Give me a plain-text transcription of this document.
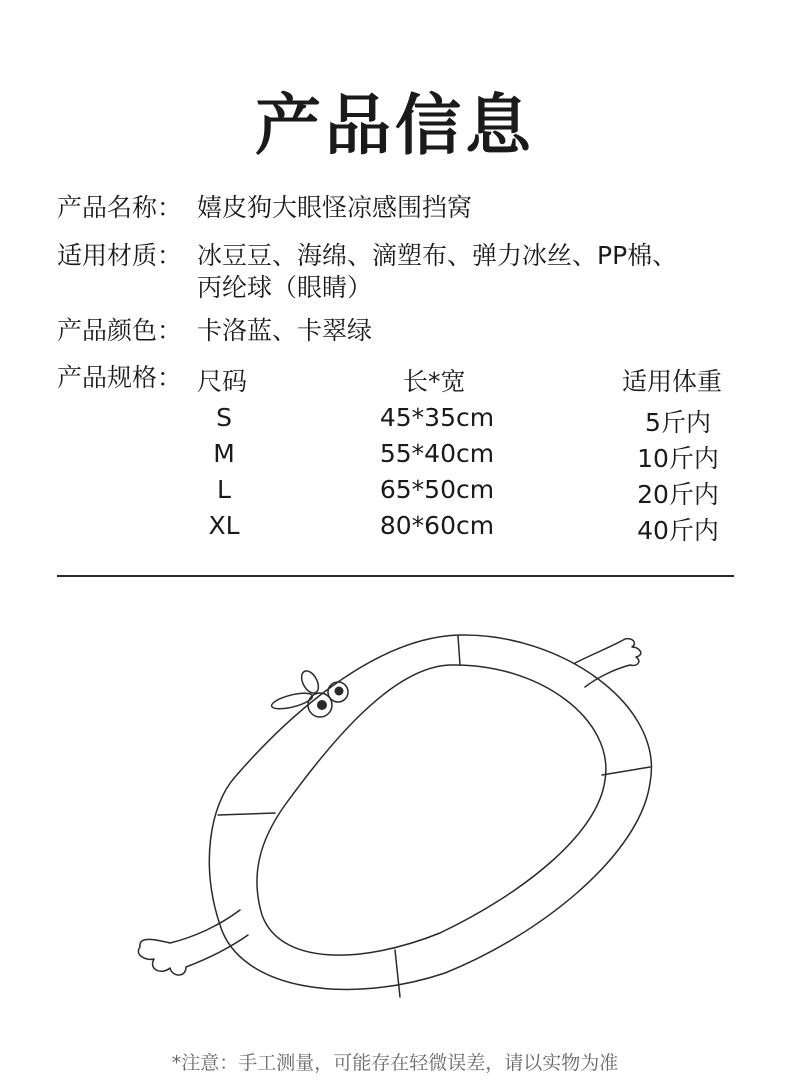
产品信息
产品名称： 嬉皮狗大眼怪凉感围挡窝
适用材质： 冰豆豆、海绵、滴塑布、弹力冰丝、PP棉、
丙纶球（眼睛）
产品颜色： 卡洛蓝、卡翠绿
产品规格： 尺码	长*宽	适用体重
S	45*35cm	5斤内
M	55*40cm	10斤内
L	65*50cm	20斤内
XL	80*60cm	40斤内
*注意：手工测量，可能存在轻微误差，请以实物为准
